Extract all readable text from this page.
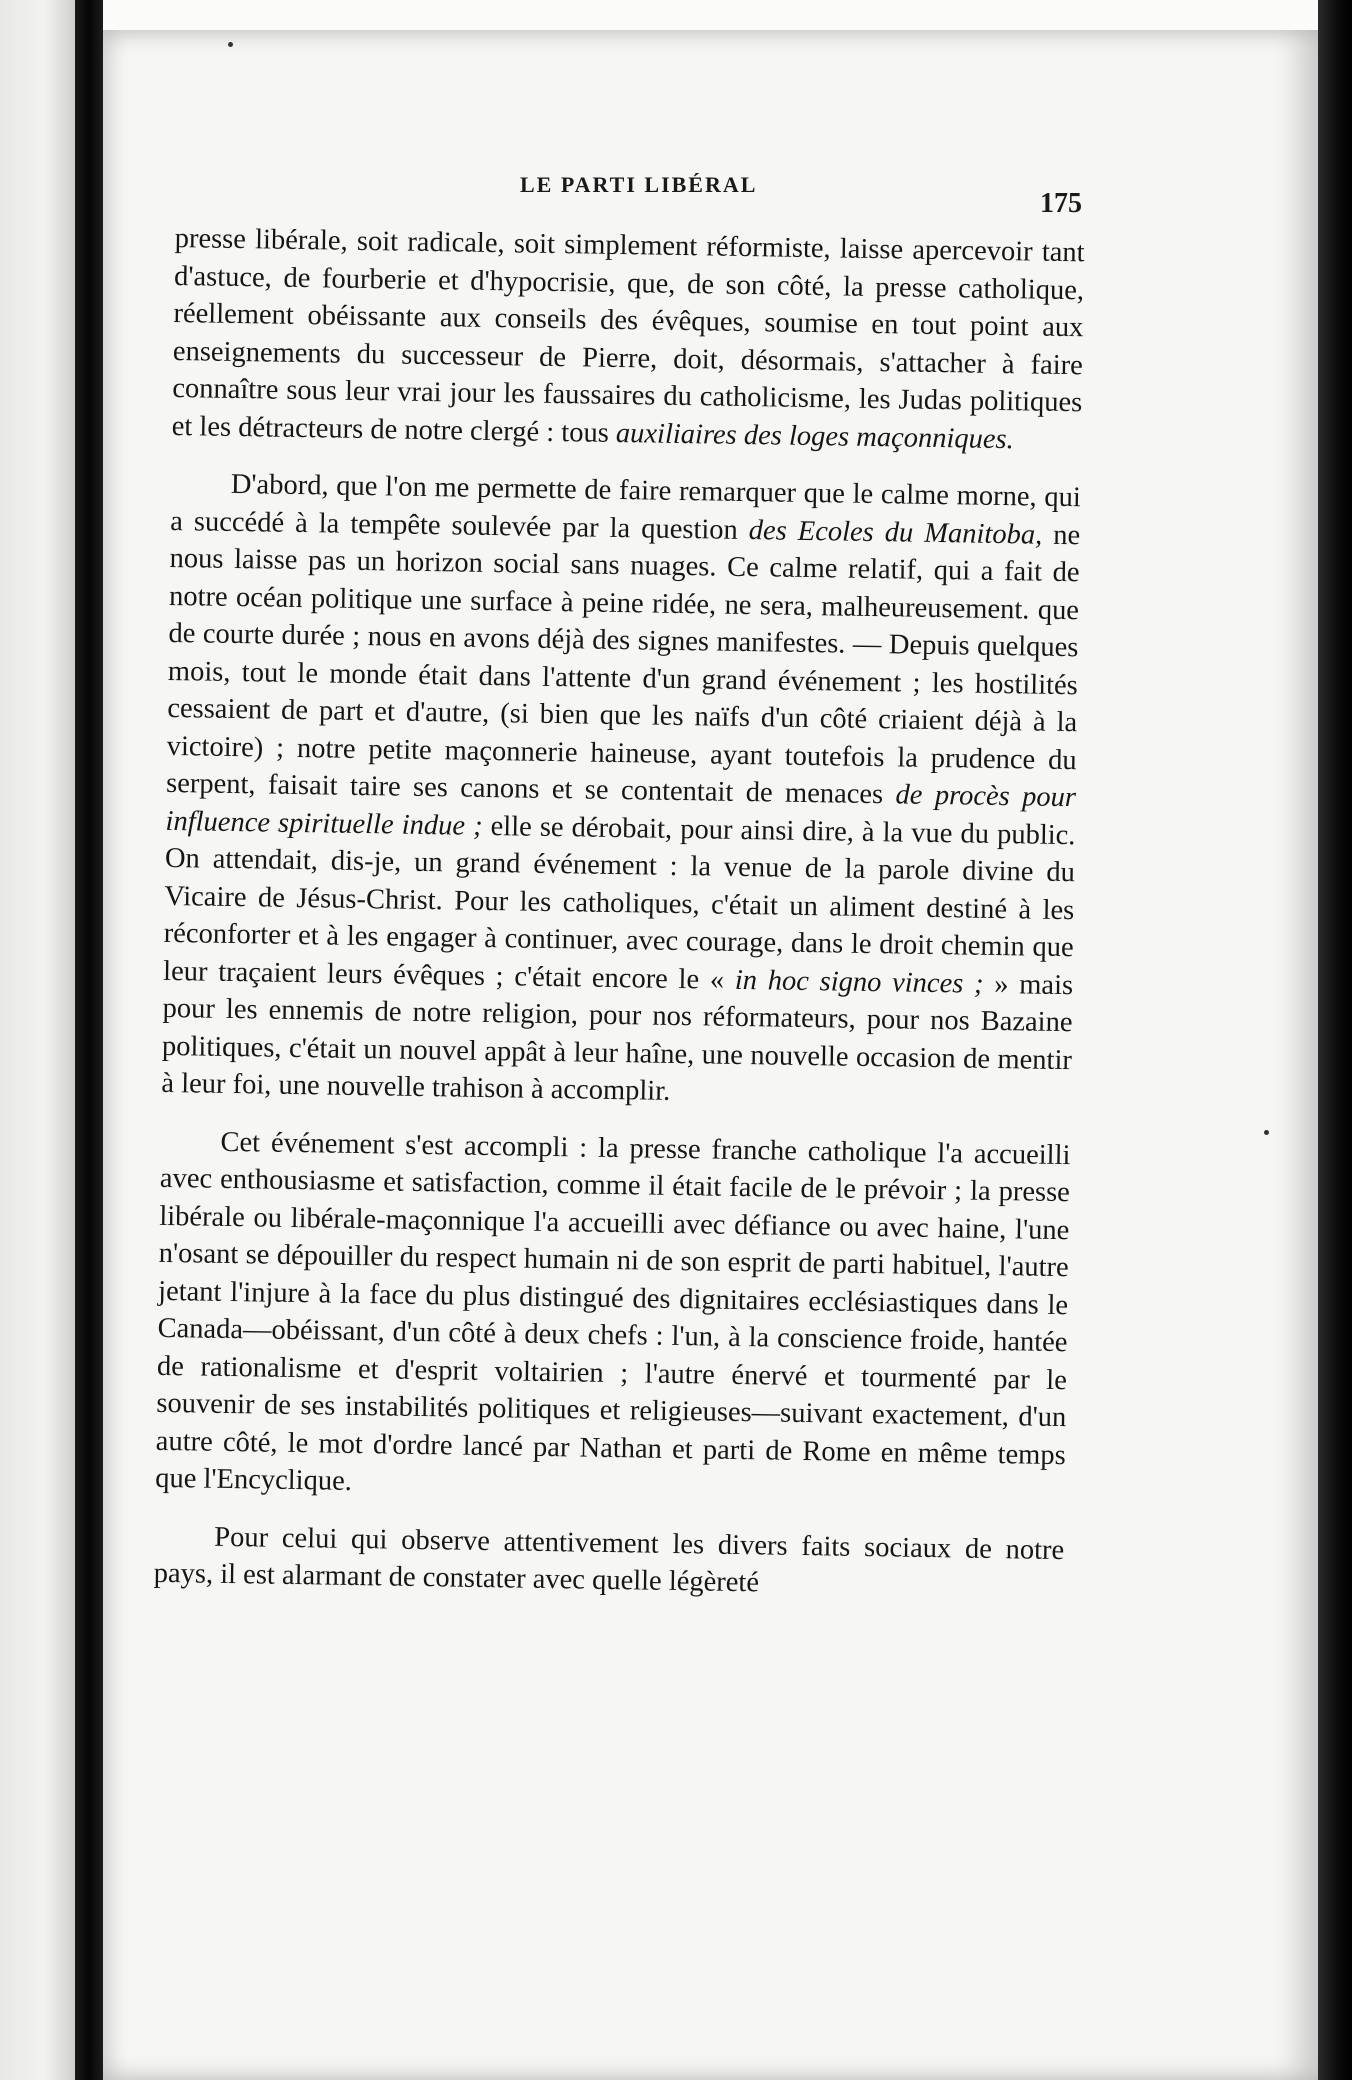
LE PARTI LIBÉRAL
175

presse libérale, soit radicale, soit simplement réformiste, laisse apercevoir tant d'astuce, de fourberie et d'hypocrisie, que, de son côté, la presse catholique, réellement obéissante aux conseils des évêques, soumise en tout point aux enseignements du successeur de Pierre, doit, désormais, s'attacher à faire connaître sous leur vrai jour les faussaires du catholicisme, les Judas politiques et les détracteurs de notre clergé : tous auxiliaires des loges maçonniques.

D'abord, que l'on me permette de faire remarquer que le calme morne, qui a succédé à la tempête soulevée par la question des Ecoles du Manitoba, ne nous laisse pas un horizon social sans nuages. Ce calme relatif, qui a fait de notre océan politique une surface à peine ridée, ne sera, malheureusement. que de courte durée ; nous en avons déjà des signes manifestes. — Depuis quelques mois, tout le monde était dans l'attente d'un grand événement ; les hostilités cessaient de part et d'autre, (si bien que les naïfs d'un côté criaient déjà à la victoire) ; notre petite maçonnerie haineuse, ayant toutefois la prudence du serpent, faisait taire ses canons et se contentait de menaces de procès pour influence spirituelle indue ; elle se dérobait, pour ainsi dire, à la vue du public. On attendait, dis-je, un grand événement : la venue de la parole divine du Vicaire de Jésus-Christ. Pour les catholiques, c'était un aliment destiné à les réconforter et à les engager à continuer, avec courage, dans le droit chemin que leur traçaient leurs évêques ; c'était encore le « in hoc signo vinces ; » mais pour les ennemis de notre religion, pour nos réformateurs, pour nos Bazaine politiques, c'était un nouvel appât à leur haîne, une nouvelle occasion de mentir à leur foi, une nouvelle trahison à accomplir.

Cet événement s'est accompli : la presse franche catholique l'a accueilli avec enthousiasme et satisfaction, comme il était facile de le prévoir ; la presse libérale ou libérale-maçonnique l'a accueilli avec défiance ou avec haine, l'une n'osant se dépouiller du respect humain ni de son esprit de parti habituel, l'autre jetant l'injure à la face du plus distingué des dignitaires ecclésiastiques dans le Canada—obéissant, d'un côté à deux chefs : l'un, à la conscience froide, hantée de rationalisme et d'esprit voltairien ; l'autre énervé et tourmenté par le souvenir de ses instabilités politiques et religieuses—suivant exactement, d'un autre côté, le mot d'ordre lancé par Nathan et parti de Rome en même temps que l'Encyclique.

Pour celui qui observe attentivement les divers faits sociaux de notre pays, il est alarmant de constater avec quelle légèreté
